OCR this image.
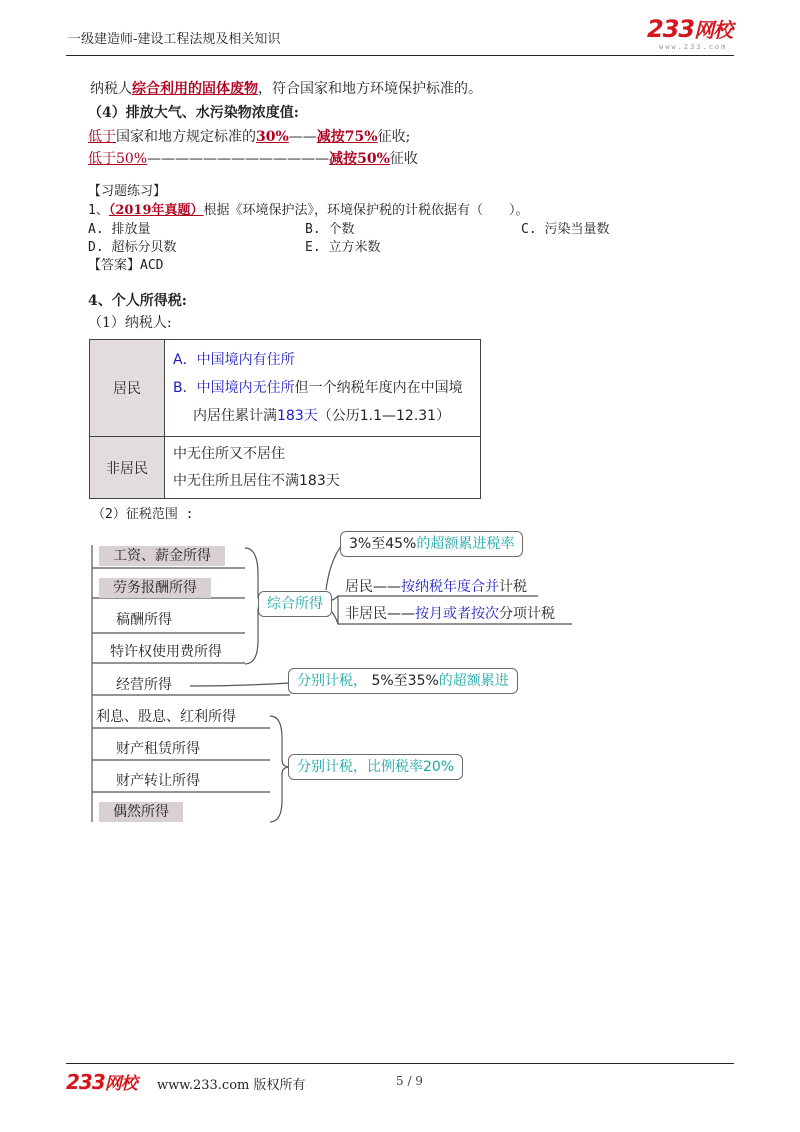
一级建造师-建设工程法规及相关知识	233网校
www.233.com
纳税人综合利用的固体废物，符合国家和地方环境保护标准的。
（4）排放大气、水污染物浓度值:
低于国家和地方规定标准的30%——减按75%征收;
低于50%—————————————减按50%征收
【习题练习】
1、（2019年真题）根据《环境保护法》，环境保护税的计税依据有（　　）。
A. 排放量	B. 个数	C. 污染当量数
D. 超标分贝数	E. 立方米数
【答案】ACD
4、个人所得税:
（1）纳税人:
居民	A．中国境内有住所
B．中国境内无住所但一个纳税年度内在中国境
内居住累计满183天（公历1.1—12.31）

非居民	中无住所又不居住
中无住所且居住不满183天
（2）征税范围 :
工资、薪金所得
劳务报酬所得
稿酬所得
特许权使用费所得
经营所得
利息、股息、红利所得
财产租赁所得
财产转让所得
偶然所得
综合所得
3%至45%的超额累进税率
居民——按纳税年度合并计税
非居民——按月或者按次分项计税
分别计税， 5%至35%的超额累进
分别计税，比例税率20%
233网校 www.233.com 版权所有	5 / 9
